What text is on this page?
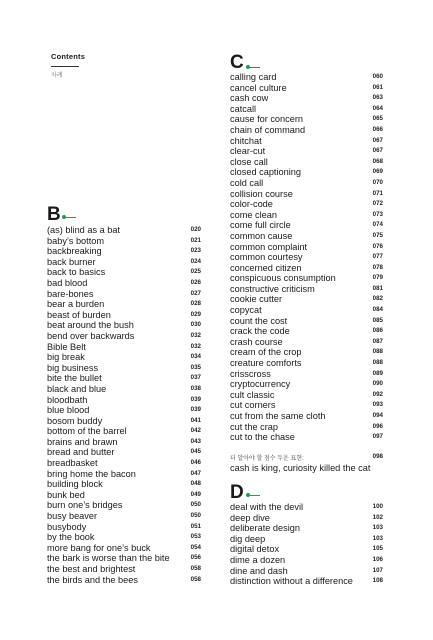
Contents
차례
B
(as) blind as a bat	020
baby’s bottom	021
backbreaking	023
back burner	024
back to basics	025
bad blood	026
bare-bones	027
bear a burden	028
beast of burden	029
beat around the bush	030
bend over backwards	032
Bible Belt	032
big break	034
big business	035
bite the bullet	037
black and blue	038
bloodbath	039
blue blood	039
bosom buddy	041
bottom of the barrel	042
brains and brawn	043
bread and butter	045
breadbasket	046
bring home the bacon	047
building block	048
bunk bed	049
burn one’s bridges	050
busy beaver	050
busybody	051
by the book	053
more bang for one’s buck	054
the bark is worse than the bite	056
the best and brightest	058
the birds and the bees	058
C
calling card	060
cancel culture	061
cash cow	063
catcall	064
cause for concern	065
chain of command	066
chitchat	067
clear-cut	067
close call	068
closed captioning	069
cold call	070
collision course	071
color-code	072
come clean	073
come full circle	074
common cause	075
common complaint	076
common courtesy	077
concerned citizen	078
conspicuous consumption	079
constructive criticism	081
cookie cutter	082
copycat	084
count the cost	085
crack the code	086
crash course	087
cream of the crop	088
creature comforts	088
crisscross	089
cryptocurrency	090
cult classic	092
cut corners	093
cut from the same cloth	094
cut the crap	096
cut to the chase	097
더 알아야 할 점수 두운 표현:	098
cash is king, curiosity killed the cat
D
deal with the devil	100
deep dive	102
deliberate design	103
dig deep	103
digital detox	105
dime a dozen	106
dine and dash	107
distinction without a difference	108
